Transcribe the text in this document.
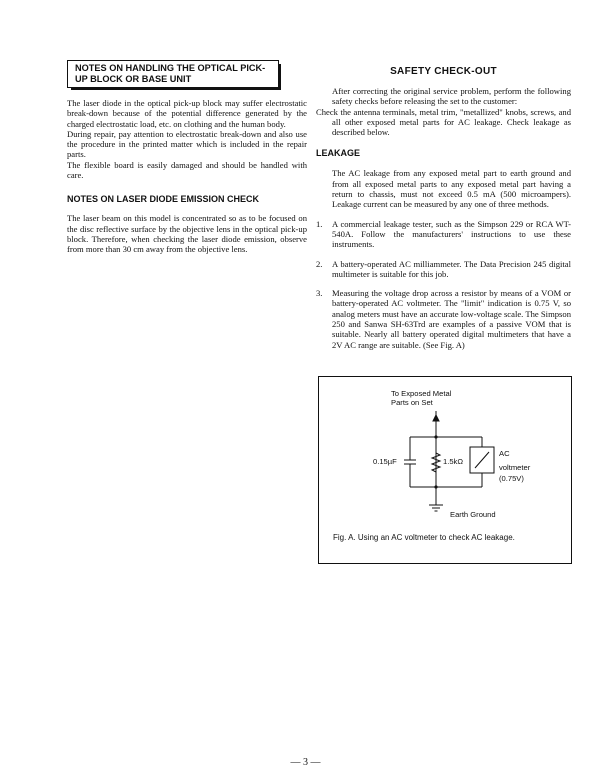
NOTES ON HANDLING THE OPTICAL PICK-UP BLOCK OR BASE UNIT

The laser diode in the optical pick-up block may suffer electrostatic break-down because of the potential difference generated by the charged electrostatic load, etc. on clothing and the human body.

During repair, pay attention to electrostatic break-down and also use the procedure in the printed matter which is included in the repair parts.

The flexible board is easily damaged and should be handled with care.

NOTES ON LASER DIODE EMISSION CHECK

The laser beam on this model is concentrated so as to be focused on the disc reflective surface by the objective lens in the optical pick-up block. Therefore, when checking the laser diode emission, observe from more than 30 cm away from the objective lens.

SAFETY CHECK-OUT

After correcting the original service problem, perform the following safety checks before releasing the set to the customer:

Check the antenna terminals, metal trim, "metallized" knobs, screws, and all other exposed metal parts for AC leakage. Check leakage as described below.

LEAKAGE

The AC leakage from any exposed metal part to earth ground and from all exposed metal parts to any exposed metal part having a return to chassis, must not exceed 0.5 mA (500 microampers). Leakage current can be measured by any one of three methods.

1.	A commercial leakage tester, such as the Simpson 229 or RCA WT-540A. Follow the manufacturers' instructions to use these instruments.

2.	A battery-operated AC milliammeter. The Data Precision 245 digital multimeter is suitable for this job.

3.	Measuring the voltage drop across a resistor by means of a VOM or battery-operated AC voltmeter. The "limit" indication is 0.75 V, so analog meters must have an accurate low-voltage scale. The Simpson 250 and Sanwa SH-63Trd are examples of a passive VOM that is suitable. Nearly all battery operated digital multimeters that have a 2V AC range are suitable. (See Fig. A)

To Exposed Metal
Parts on Set
0.15µF	1.5kΩ
AC
voltmeter
(0.75V)
Earth Ground
Fig. A. Using an AC voltmeter to check AC leakage.
— 3 —
